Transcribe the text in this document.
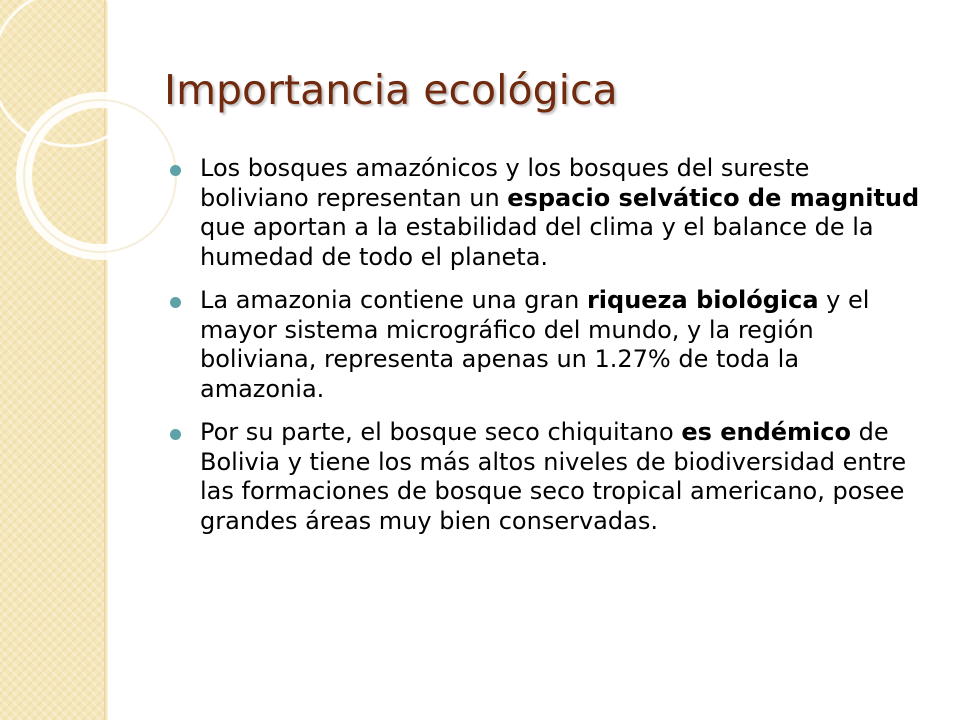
Importancia ecológica
Los bosques amazónicos y los bosques del sureste boliviano representan un espacio selvático de magnitud que aportan a la estabilidad del clima y el balance de la humedad de todo el planeta.
La amazonia contiene una gran riqueza biológica y el mayor sistema micrográfico del mundo, y la región boliviana, representa apenas un 1.27% de toda la amazonia.
Por su parte, el bosque seco chiquitano es endémico de Bolivia y tiene los más altos niveles de biodiversidad entre las formaciones de bosque seco tropical americano, posee grandes áreas muy bien conservadas.
